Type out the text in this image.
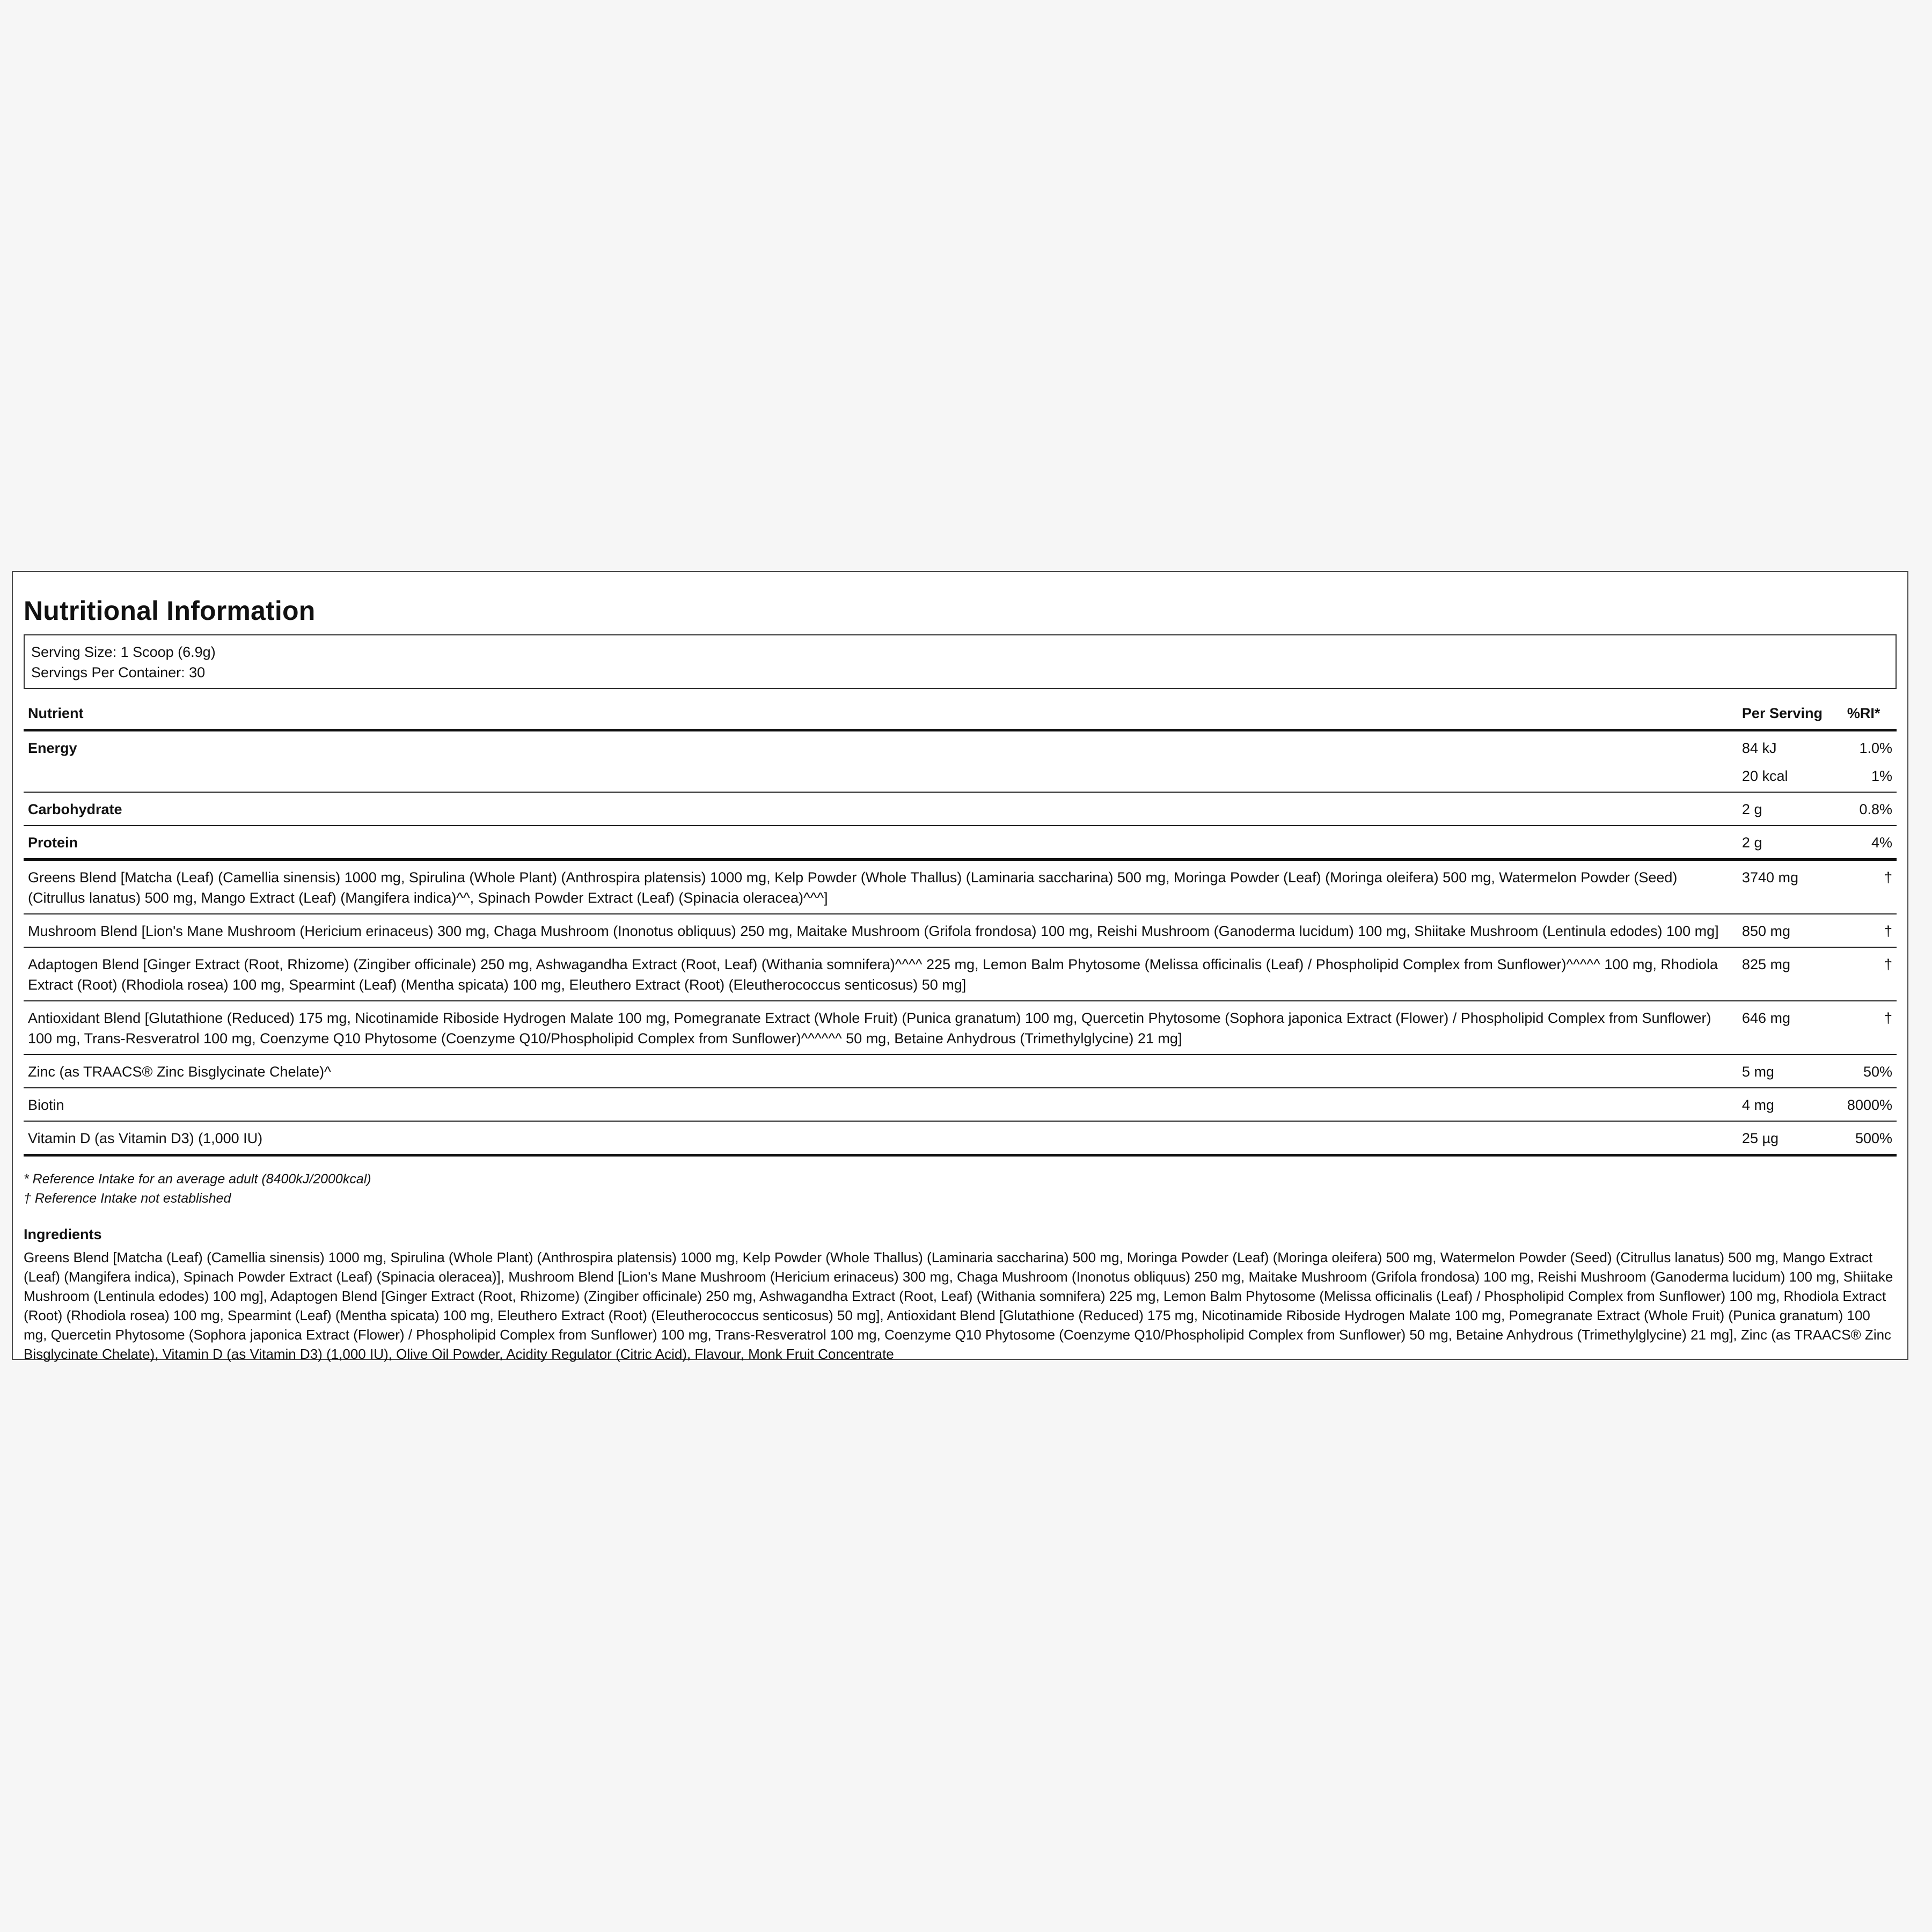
Nutritional Information
Serving Size: 1 Scoop (6.9g)
Servings Per Container: 30
Nutrient	Per Serving	%RI*
Energy	84 kJ	1.0%
	20 kcal	1%
Carbohydrate	2 g	0.8%
Protein	2 g	4%
Greens Blend [Matcha (Leaf) (Camellia sinensis) 1000 mg, Spirulina (Whole Plant) (Anthrospira platensis) 1000 mg, Kelp Powder (Whole Thallus) (Laminaria saccharina) 500 mg, Moringa Powder (Leaf) (Moringa oleifera) 500 mg, Watermelon Powder (Seed) (Citrullus lanatus) 500 mg, Mango Extract (Leaf) (Mangifera indica)^^, Spinach Powder Extract (Leaf) (Spinacia oleracea)^^^]	3740 mg	†
Mushroom Blend [Lion's Mane Mushroom (Hericium erinaceus) 300 mg, Chaga Mushroom (Inonotus obliquus) 250 mg, Maitake Mushroom (Grifola frondosa) 100 mg, Reishi Mushroom (Ganoderma lucidum) 100 mg, Shiitake Mushroom (Lentinula edodes) 100 mg]	850 mg	†
Adaptogen Blend [Ginger Extract (Root, Rhizome) (Zingiber officinale) 250 mg, Ashwagandha Extract (Root, Leaf) (Withania somnifera)^^^^ 225 mg, Lemon Balm Phytosome (Melissa officinalis (Leaf) / Phospholipid Complex from Sunflower)^^^^^ 100 mg, Rhodiola Extract (Root) (Rhodiola rosea) 100 mg, Spearmint (Leaf) (Mentha spicata) 100 mg, Eleuthero Extract (Root) (Eleutherococcus senticosus) 50 mg]	825 mg	†
Antioxidant Blend [Glutathione (Reduced) 175 mg, Nicotinamide Riboside Hydrogen Malate 100 mg, Pomegranate Extract (Whole Fruit) (Punica granatum) 100 mg, Quercetin Phytosome (Sophora japonica Extract (Flower) / Phospholipid Complex from Sunflower) 100 mg, Trans-Resveratrol 100 mg, Coenzyme Q10 Phytosome (Coenzyme Q10/Phospholipid Complex from Sunflower)^^^^^^ 50 mg, Betaine Anhydrous (Trimethylglycine) 21 mg]	646 mg	†
Zinc (as TRAACS® Zinc Bisglycinate Chelate)^	5 mg	50%
Biotin	4 mg	8000%
Vitamin D (as Vitamin D3) (1,000 IU)	25 µg	500%
* Reference Intake for an average adult (8400kJ/2000kcal)
† Reference Intake not established
Ingredients
Greens Blend [Matcha (Leaf) (Camellia sinensis) 1000 mg, Spirulina (Whole Plant) (Anthrospira platensis) 1000 mg, Kelp Powder (Whole Thallus) (Laminaria saccharina) 500 mg, Moringa Powder (Leaf) (Moringa oleifera) 500 mg, Watermelon Powder (Seed) (Citrullus lanatus) 500 mg, Mango Extract (Leaf) (Mangifera indica), Spinach Powder Extract (Leaf) (Spinacia oleracea)], Mushroom Blend [Lion's Mane Mushroom (Hericium erinaceus) 300 mg, Chaga Mushroom (Inonotus obliquus) 250 mg, Maitake Mushroom (Grifola frondosa) 100 mg, Reishi Mushroom (Ganoderma lucidum) 100 mg, Shiitake Mushroom (Lentinula edodes) 100 mg], Adaptogen Blend [Ginger Extract (Root, Rhizome) (Zingiber officinale) 250 mg, Ashwagandha Extract (Root, Leaf) (Withania somnifera) 225 mg, Lemon Balm Phytosome (Melissa officinalis (Leaf) / Phospholipid Complex from Sunflower) 100 mg, Rhodiola Extract (Root) (Rhodiola rosea) 100 mg, Spearmint (Leaf) (Mentha spicata) 100 mg, Eleuthero Extract (Root) (Eleutherococcus senticosus) 50 mg], Antioxidant Blend [Glutathione (Reduced) 175 mg, Nicotinamide Riboside Hydrogen Malate 100 mg, Pomegranate Extract (Whole Fruit) (Punica granatum) 100 mg, Quercetin Phytosome (Sophora japonica Extract (Flower) / Phospholipid Complex from Sunflower) 100 mg, Trans-Resveratrol 100 mg, Coenzyme Q10 Phytosome (Coenzyme Q10/Phospholipid Complex from Sunflower) 50 mg, Betaine Anhydrous (Trimethylglycine) 21 mg], Zinc (as TRAACS® Zinc Bisglycinate Chelate), Vitamin D (as Vitamin D3) (1,000 IU), Olive Oil Powder, Acidity Regulator (Citric Acid), Flavour, Monk Fruit Concentrate
